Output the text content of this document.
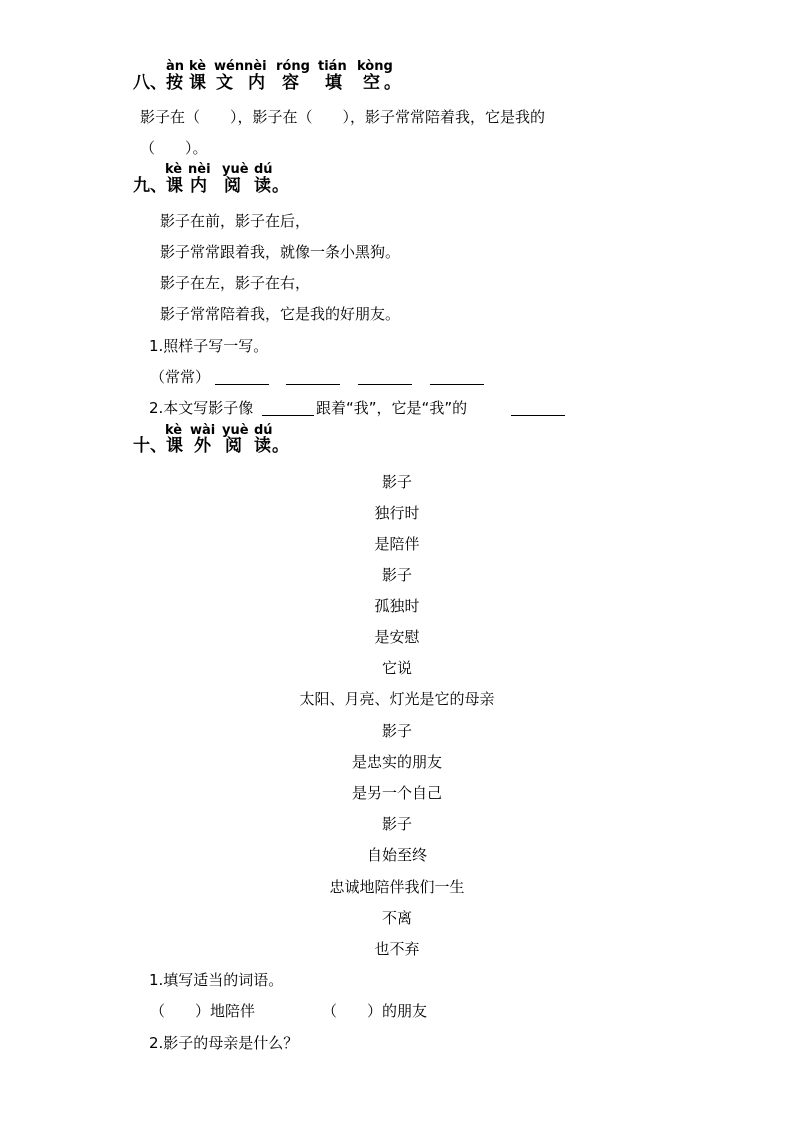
八、
àn
按
kè
课
wén
文
nèi
内
róng
容
tián
填
kòng
空 。
影子在（　　），影子在（　　），影子常常陪着我，它是我的
（　　）。
九、
kè
课
nèi
内
yuè
阅
dú
读 。
影子在前，影子在后，
影子常常跟着我，就像一条小黑狗。
影子在左，影子在右，
影子常常陪着我，它是我的好朋友。
1.照样子写一写。
（常常）
2.本文写影子像	跟着“我”，它是“我”的
十、
kè
课
wài
外
yuè
阅
dú
读 。
影子
独行时
是陪伴
影子
孤独时
是安慰
它说
太阳、月亮、灯光是它的母亲
影子
是忠实的朋友
是另一个自己
影子
自始至终
忠诚地陪伴我们一生
不离
也不弃
1.填写适当的词语。
（　　）地陪伴	（　　）的朋友
2.影子的母亲是什么？
